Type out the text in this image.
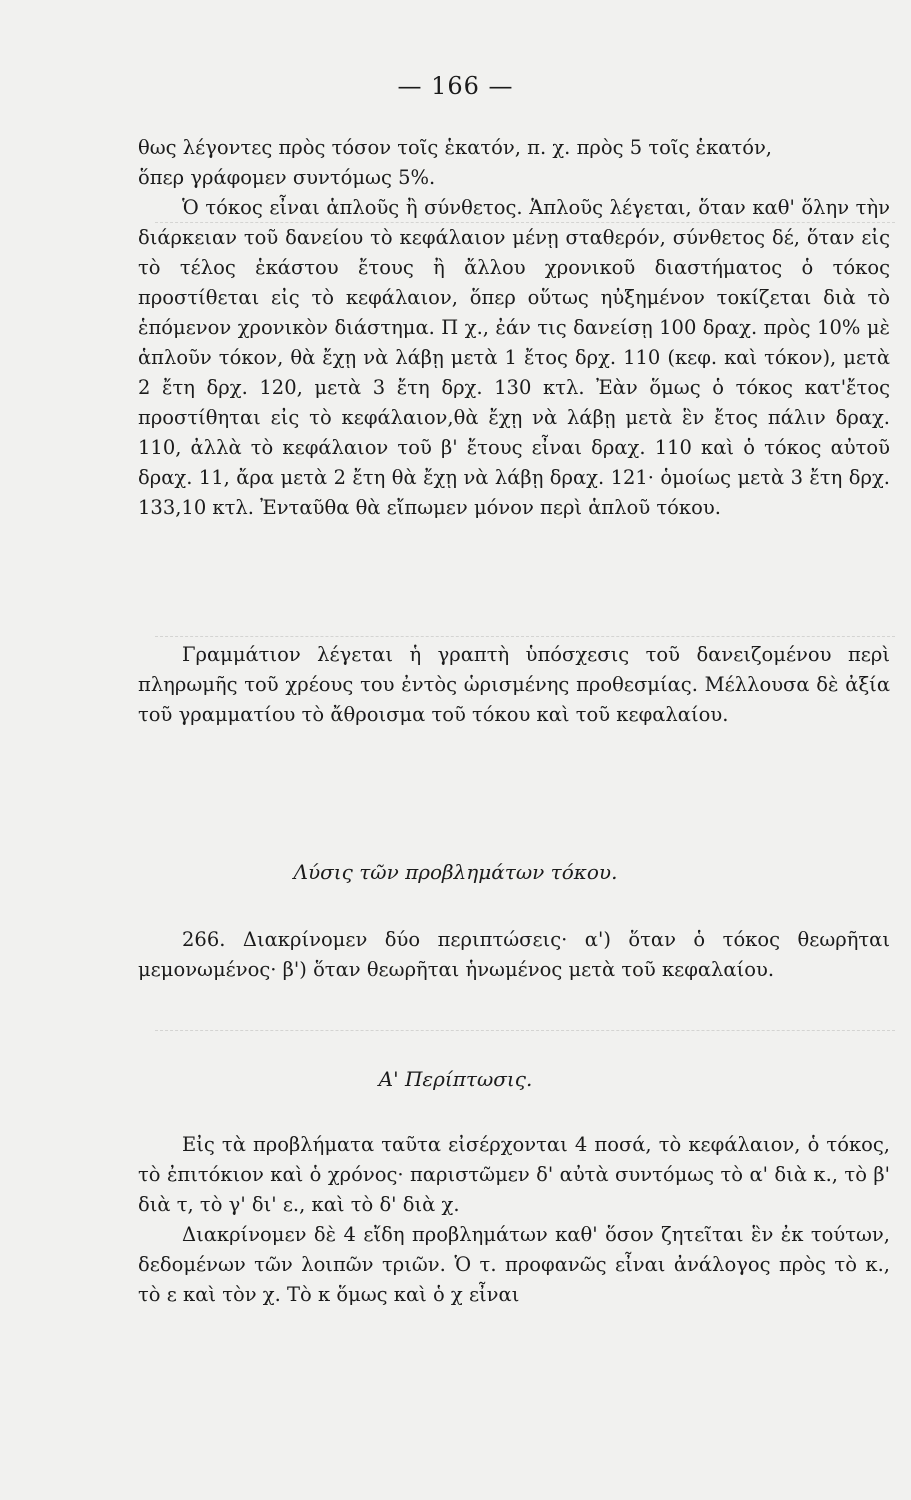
— 166 —

θως λέγοντες πρὸς τόσον τοῖς ἑκατόν, π. χ. πρὸς 5 τοῖς ἑκατόν,

ὅπερ γράφομεν συντόμως 5%.

Ὁ τόκος εἶναι ἁπλοῦς ἢ σύνθετος. Ἁπλοῦς λέγεται, ὅταν καθ' ὅλην τὴν διάρκειαν τοῦ δανείου τὸ κεφάλαιον μένῃ σταθερόν, σύνθετος δέ, ὅταν εἰς τὸ τέλος ἑκάστου ἔτους ἢ ἄλλου χρονικοῦ διαστήματος ὁ τόκος προστίθεται εἰς τὸ κεφάλαιον, ὅπερ οὕτως ηὐξημένον τοκίζεται διὰ τὸ ἑπόμενον χρονικὸν διάστημα. Π χ., ἐάν τις δανείσῃ 100 δραχ. πρὸς 10% μὲ ἁπλοῦν τόκον, θὰ ἔχῃ νὰ λάβῃ μετὰ 1 ἔτος δρχ. 110 (κεφ. καὶ τόκον), μετὰ 2 ἔτη δρχ. 120, μετὰ 3 ἔτη δρχ. 130 κτλ. Ἐὰν ὅμως ὁ τόκος κατ'ἔτος προστίθηται εἰς τὸ κεφάλαιον,θὰ ἔχῃ νὰ λάβῃ μετὰ ἓν ἔτος πάλιν δραχ. 110, ἀλλὰ τὸ κεφάλαιον τοῦ β' ἔτους εἶναι δραχ. 110 καὶ ὁ τόκος αὐτοῦ δραχ. 11, ἄρα μετὰ 2 ἔτη θὰ ἔχῃ νὰ λάβῃ δραχ. 121· ὁμοίως μετὰ 3 ἔτη δρχ. 133,10 κτλ. Ἐνταῦθα θὰ εἴπωμεν μόνον περὶ ἁπλοῦ τόκου.

Γραμμάτιον λέγεται ἡ γραπτὴ ὑπόσχεσις τοῦ δανειζομένου περὶ πληρωμῆς τοῦ χρέους του ἐντὸς ὡρισμένης προθεσμίας. Μέλλουσα δὲ ἀξία τοῦ γραμματίου τὸ ἄθροισμα τοῦ τόκου καὶ τοῦ κεφαλαίου.

Λύσις τῶν προβλημάτων τόκου.

266. Διακρίνομεν δύο περιπτώσεις· α') ὅταν ὁ τόκος θεωρῆται μεμονωμένος· β') ὅταν θεωρῆται ἡνωμένος μετὰ τοῦ κεφαλαίου.

Α' Περίπτωσις.

Εἰς τὰ προβλήματα ταῦτα εἰσέρχονται 4 ποσά, τὸ κεφάλαιον, ὁ τόκος, τὸ ἐπιτόκιον καὶ ὁ χρόνος· παριστῶμεν δ' αὐτὰ συντόμως τὸ α' διὰ κ., τὸ β' διὰ τ, τὸ γ' δι' ε., καὶ τὸ δ' διὰ χ.

Διακρίνομεν δὲ 4 εἴδη προβλημάτων καθ' ὅσον ζητεῖται ἓν ἐκ τούτων, δεδομένων τῶν λοιπῶν τριῶν. Ὁ τ. προφανῶς εἶναι ἀνάλογος πρὸς τὸ κ., τὸ ε καὶ τὸν χ. Τὸ κ ὅμως καὶ ὁ χ εἶναι
